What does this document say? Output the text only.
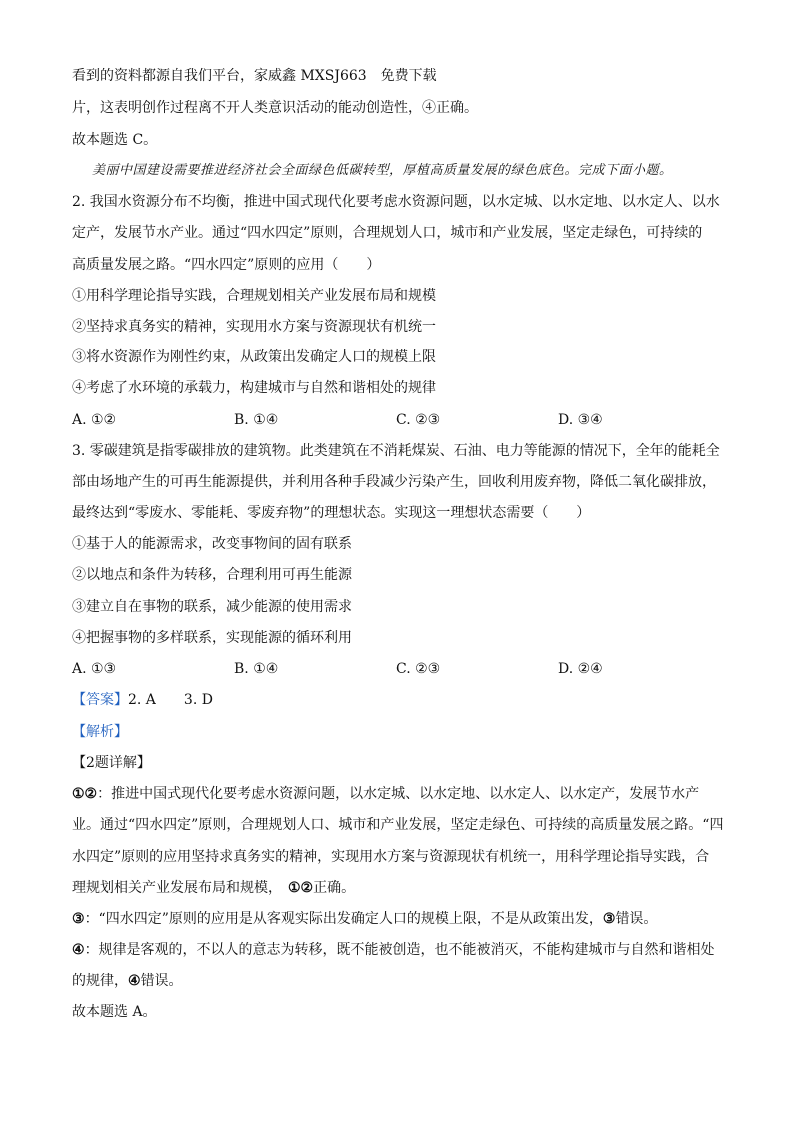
看到的资料都源自我们平台，家威鑫 MXSJ663　免费下载
片，这表明创作过程离不开人类意识活动的能动创造性，④正确。
故本题选 C。
美丽中国建设需要推进经济社会全面绿色低碳转型，厚植高质量发展的绿色底色。完成下面小题。
2. 我国水资源分布不均衡，推进中国式现代化要考虑水资源问题，以水定城、以水定地、以水定人、以水
定产，发展节水产业。通过“四水四定”原则，合理规划人口，城市和产业发展，坚定走绿色，可持续的
高质量发展之路。“四水四定”原则的应用（　　）
①用科学理论指导实践，合理规划相关产业发展布局和规模
②坚持求真务实的精神，实现用水方案与资源现状有机统一
③将水资源作为刚性约束，从政策出发确定人口的规模上限
④考虑了水环境的承载力，构建城市与自然和谐相处的规律
A. ①②	B. ①④	C. ②③	D. ③④
3. 零碳建筑是指零碳排放的建筑物。此类建筑在不消耗煤炭、石油、电力等能源的情况下，全年的能耗全
部由场地产生的可再生能源提供，并利用各种手段减少污染产生，回收利用废弃物，降低二氧化碳排放，
最终达到“零废水、零能耗、零废弃物”的理想状态。实现这一理想状态需要（　　）
①基于人的能源需求，改变事物间的固有联系
②以地点和条件为转移，合理利用可再生能源
③建立自在事物的联系，减少能源的使用需求
④把握事物的多样联系，实现能源的循环利用
A. ①③	B. ①④	C. ②③	D. ②④
【答案】2. A　　3. D
【解析】
【2题详解】
①②：推进中国式现代化要考虑水资源问题，以水定城、以水定地、以水定人、以水定产，发展节水产
业。通过“四水四定”原则，合理规划人口、城市和产业发展，坚定走绿色、可持续的高质量发展之路。“四
水四定”原则的应用坚持求真务实的精神，实现用水方案与资源现状有机统一，用科学理论指导实践，合
理规划相关产业发展布局和规模， ①②正确。
③：“四水四定”原则的应用是从客观实际出发确定人口的规模上限，不是从政策出发，③错误。
④：规律是客观的，不以人的意志为转移，既不能被创造，也不能被消灭，不能构建城市与自然和谐相处
的规律，④错误。
故本题选 A。
